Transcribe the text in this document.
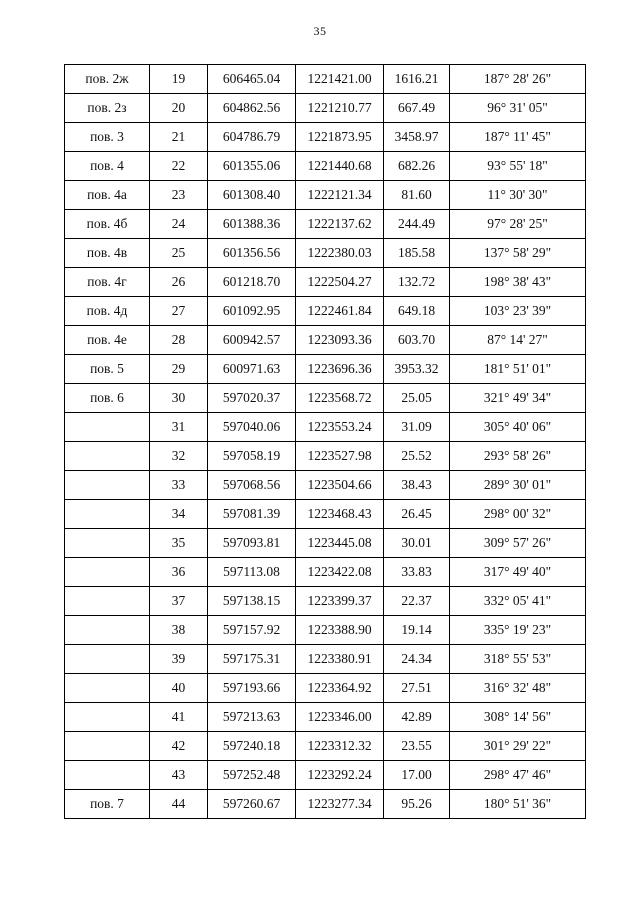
35
пов. 2ж	19	606465.04	1221421.00	1616.21	187° 28' 26"
пов. 2з	20	604862.56	1221210.77	667.49	96° 31' 05"
пов. 3	21	604786.79	1221873.95	3458.97	187° 11' 45"
пов. 4	22	601355.06	1221440.68	682.26	93° 55' 18"
пов. 4а	23	601308.40	1222121.34	81.60	11° 30' 30"
пов. 4б	24	601388.36	1222137.62	244.49	97° 28' 25"
пов. 4в	25	601356.56	1222380.03	185.58	137° 58' 29"
пов. 4г	26	601218.70	1222504.27	132.72	198° 38' 43"
пов. 4д	27	601092.95	1222461.84	649.18	103° 23' 39"
пов. 4е	28	600942.57	1223093.36	603.70	87° 14' 27"
пов. 5	29	600971.63	1223696.36	3953.32	181° 51' 01"
пов. 6	30	597020.37	1223568.72	25.05	321° 49' 34"
	31	597040.06	1223553.24	31.09	305° 40' 06"
	32	597058.19	1223527.98	25.52	293° 58' 26"
	33	597068.56	1223504.66	38.43	289° 30' 01"
	34	597081.39	1223468.43	26.45	298° 00' 32"
	35	597093.81	1223445.08	30.01	309° 57' 26"
	36	597113.08	1223422.08	33.83	317° 49' 40"
	37	597138.15	1223399.37	22.37	332° 05' 41"
	38	597157.92	1223388.90	19.14	335° 19' 23"
	39	597175.31	1223380.91	24.34	318° 55' 53"
	40	597193.66	1223364.92	27.51	316° 32' 48"
	41	597213.63	1223346.00	42.89	308° 14' 56"
	42	597240.18	1223312.32	23.55	301° 29' 22"
	43	597252.48	1223292.24	17.00	298° 47' 46"
пов. 7	44	597260.67	1223277.34	95.26	180° 51' 36"
